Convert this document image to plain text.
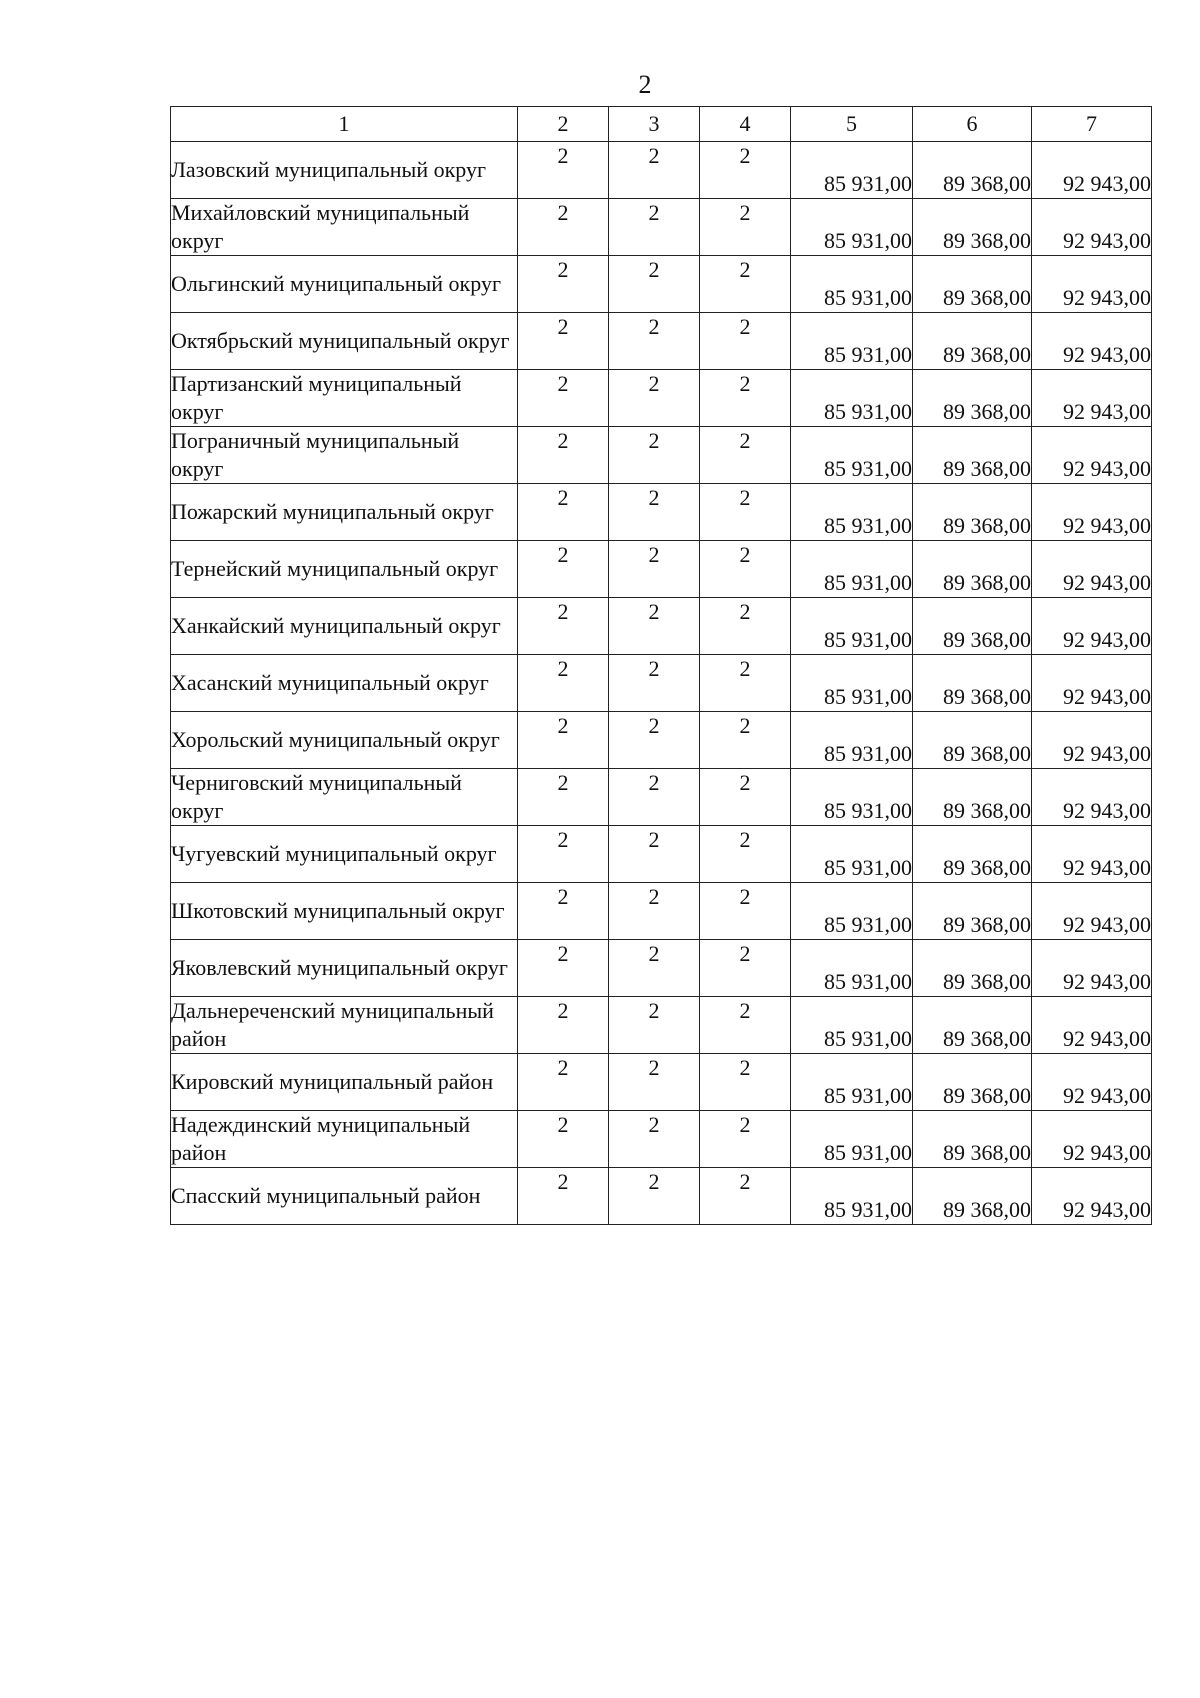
2
1	2	3	4	5	6	7
Лазовский муниципальный округ	2	2	2	85 931,00	89 368,00	92 943,00
Михайловский муниципальный округ	2	2	2	85 931,00	89 368,00	92 943,00
Ольгинский муниципальный округ	2	2	2	85 931,00	89 368,00	92 943,00
Октябрьский муниципальный округ	2	2	2	85 931,00	89 368,00	92 943,00
Партизанский муниципальный округ	2	2	2	85 931,00	89 368,00	92 943,00
Пограничный муниципальный округ	2	2	2	85 931,00	89 368,00	92 943,00
Пожарский муниципальный округ	2	2	2	85 931,00	89 368,00	92 943,00
Тернейский муниципальный округ	2	2	2	85 931,00	89 368,00	92 943,00
Ханкайский муниципальный округ	2	2	2	85 931,00	89 368,00	92 943,00
Хасанский муниципальный округ	2	2	2	85 931,00	89 368,00	92 943,00
Хорольский муниципальный округ	2	2	2	85 931,00	89 368,00	92 943,00
Черниговский муниципальный округ	2	2	2	85 931,00	89 368,00	92 943,00
Чугуевский муниципальный округ	2	2	2	85 931,00	89 368,00	92 943,00
Шкотовский муниципальный округ	2	2	2	85 931,00	89 368,00	92 943,00
Яковлевский муниципальный округ	2	2	2	85 931,00	89 368,00	92 943,00
Дальнереченский муниципальный район	2	2	2	85 931,00	89 368,00	92 943,00
Кировский муниципальный район	2	2	2	85 931,00	89 368,00	92 943,00
Надеждинский муниципальный район	2	2	2	85 931,00	89 368,00	92 943,00
Спасский муниципальный район	2	2	2	85 931,00	89 368,00	92 943,00
